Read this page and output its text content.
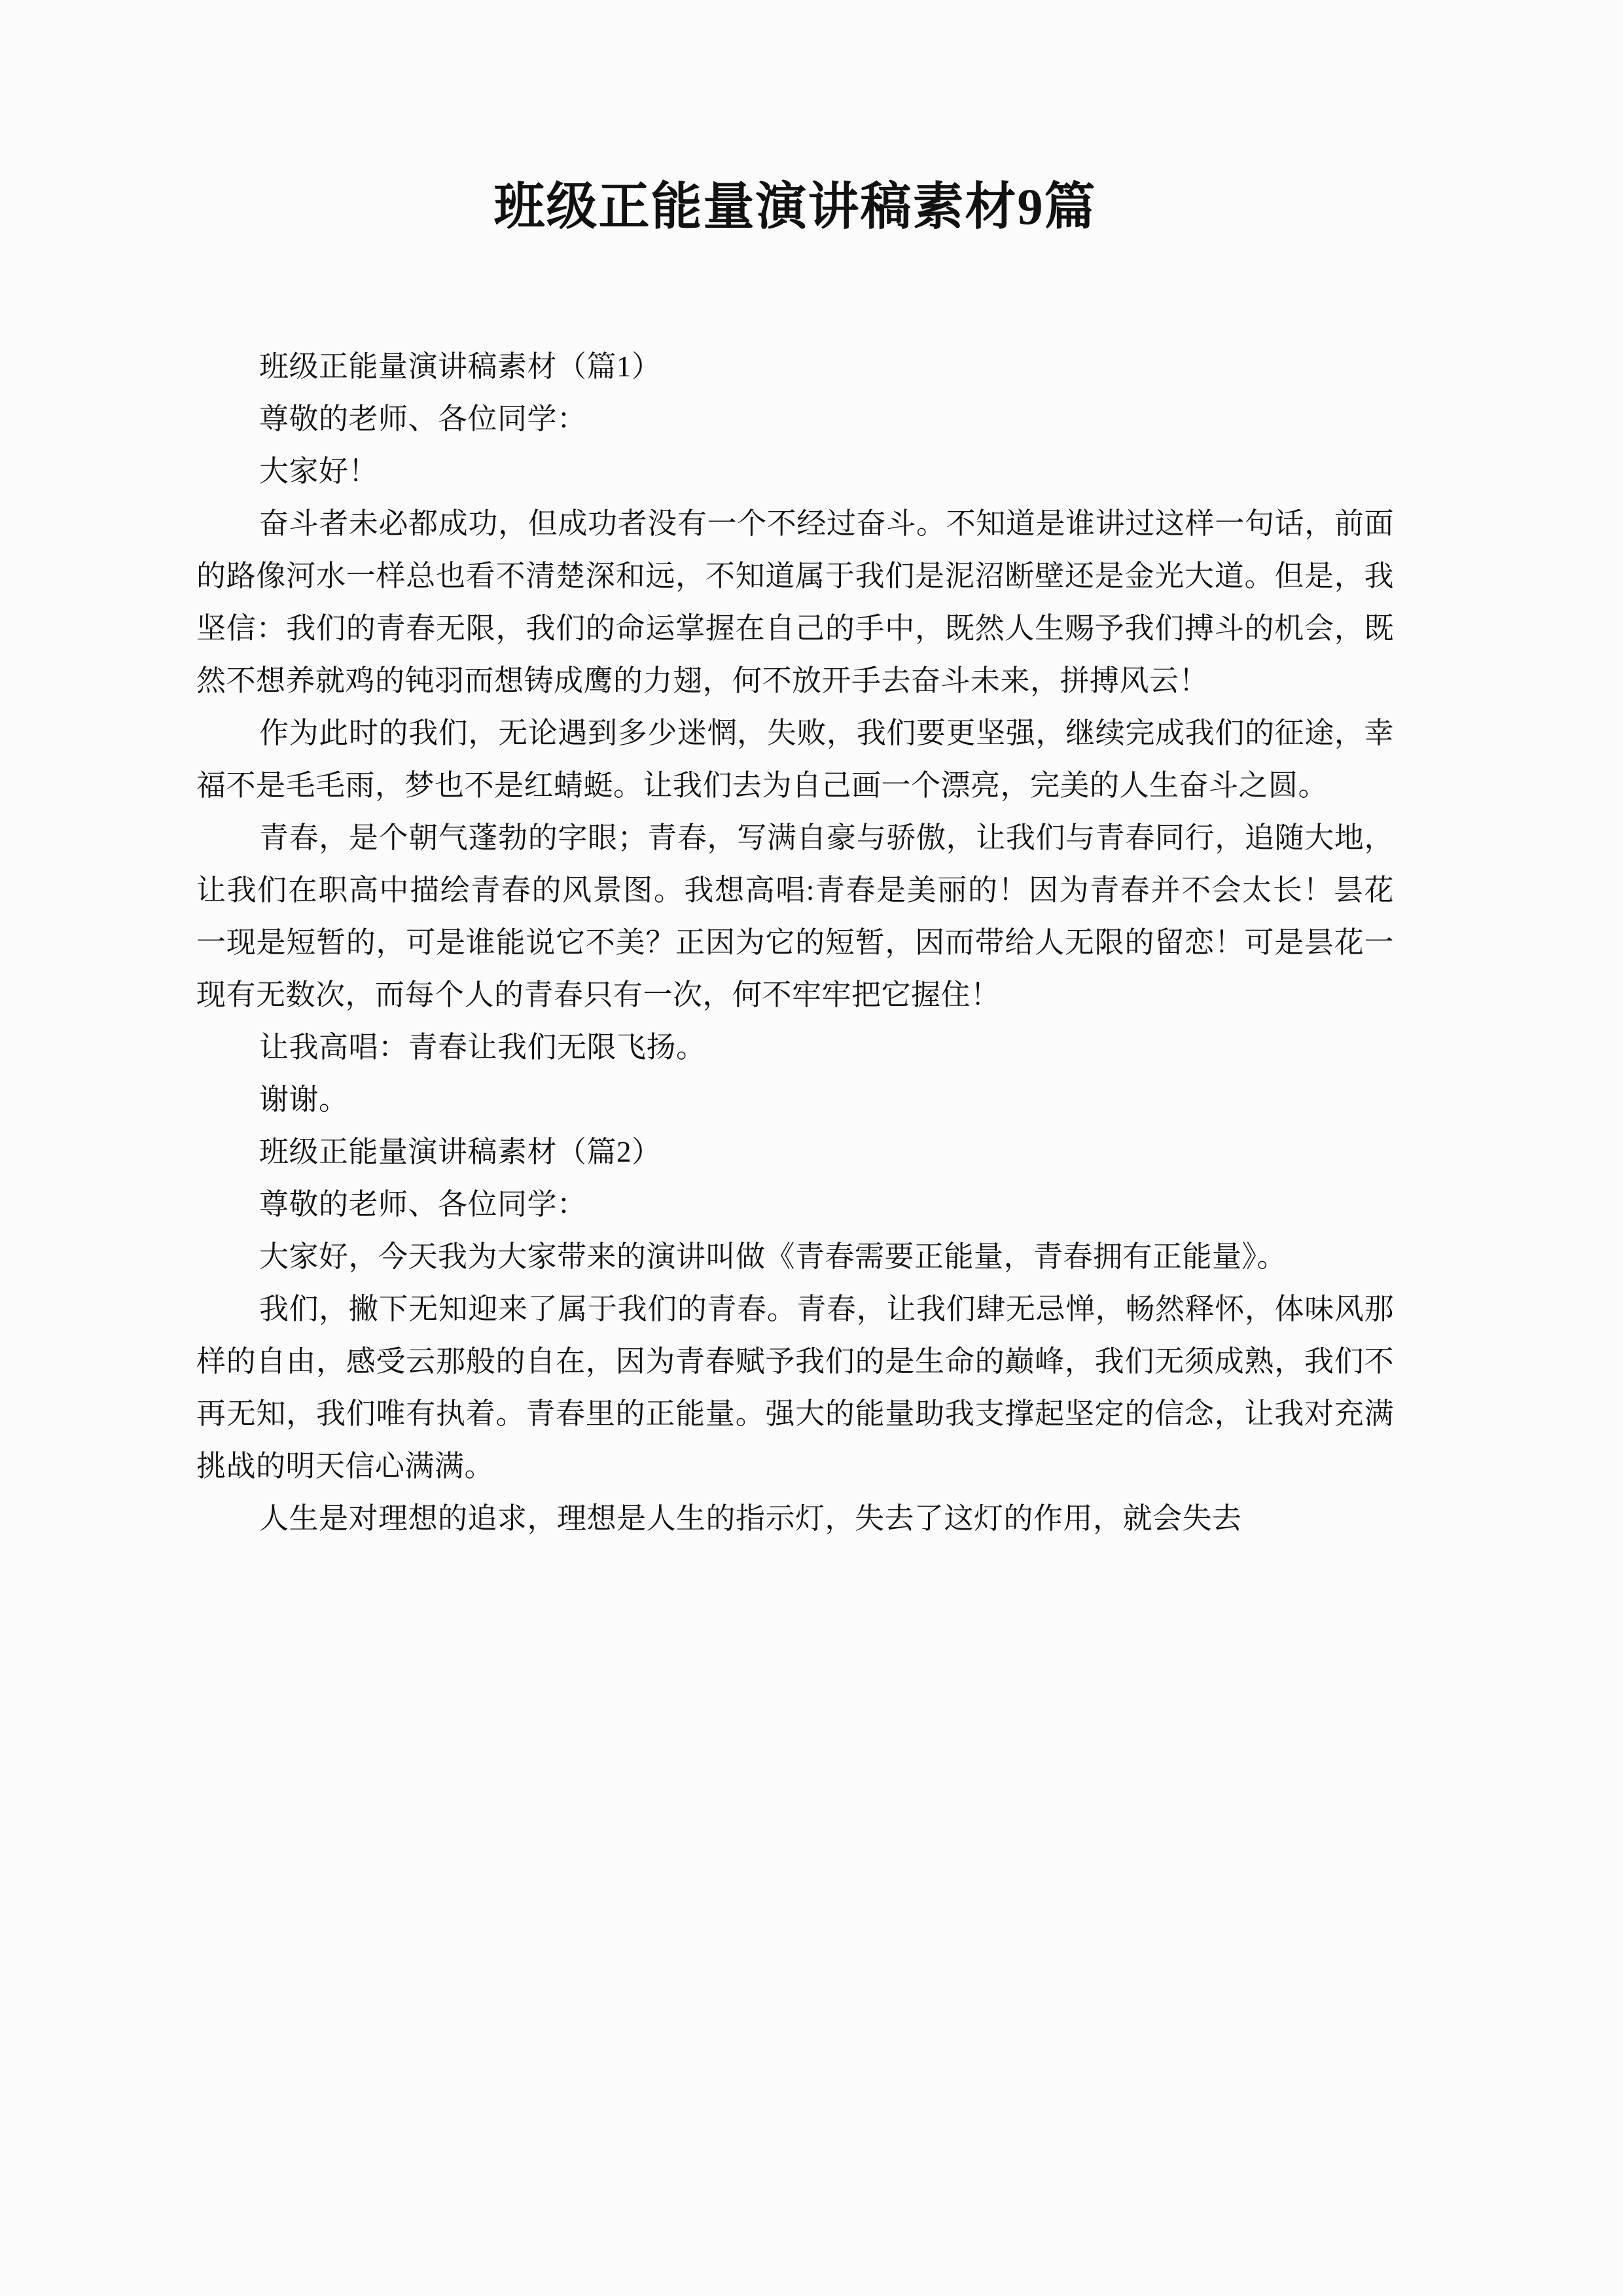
班级正能量演讲稿素材9篇

班级正能量演讲稿素材（篇1）

尊敬的老师、各位同学：

大家好！

奋斗者未必都成功，但成功者没有一个不经过奋斗。不知道是谁讲过这样一句话，前面的路像河水一样总也看不清楚深和远，不知道属于我们是泥沼断壁还是金光大道。但是，我坚信：我们的青春无限，我们的命运掌握在自己的手中，既然人生赐予我们搏斗的机会，既然不想养就鸡的钝羽而想铸成鹰的力翅，何不放开手去奋斗未来，拼搏风云！

作为此时的我们，无论遇到多少迷惘，失败，我们要更坚强，继续完成我们的征途，幸福不是毛毛雨，梦也不是红蜻蜓。让我们去为自己画一个漂亮，完美的人生奋斗之圆。

青春，是个朝气蓬勃的字眼；青春，写满自豪与骄傲，让我们与青春同行，追随大地，让我们在职高中描绘青春的风景图。我想高唱:青春是美丽的！因为青春并不会太长！昙花一现是短暂的，可是谁能说它不美？正因为它的短暂，因而带给人无限的留恋！可是昙花一现有无数次，而每个人的青春只有一次，何不牢牢把它握住！

让我高唱：青春让我们无限飞扬。

谢谢。

班级正能量演讲稿素材（篇2）

尊敬的老师、各位同学：

大家好，今天我为大家带来的演讲叫做《青春需要正能量，青春拥有正能量》。

我们，撇下无知迎来了属于我们的青春。青春，让我们肆无忌惮，畅然释怀，体味风那样的自由，感受云那般的自在，因为青春赋予我们的是生命的巅峰，我们无须成熟，我们不再无知，我们唯有执着。青春里的正能量。强大的能量助我支撑起坚定的信念，让我对充满挑战的明天信心满满。

人生是对理想的追求，理想是人生的指示灯，失去了这灯的作用，就会失去
